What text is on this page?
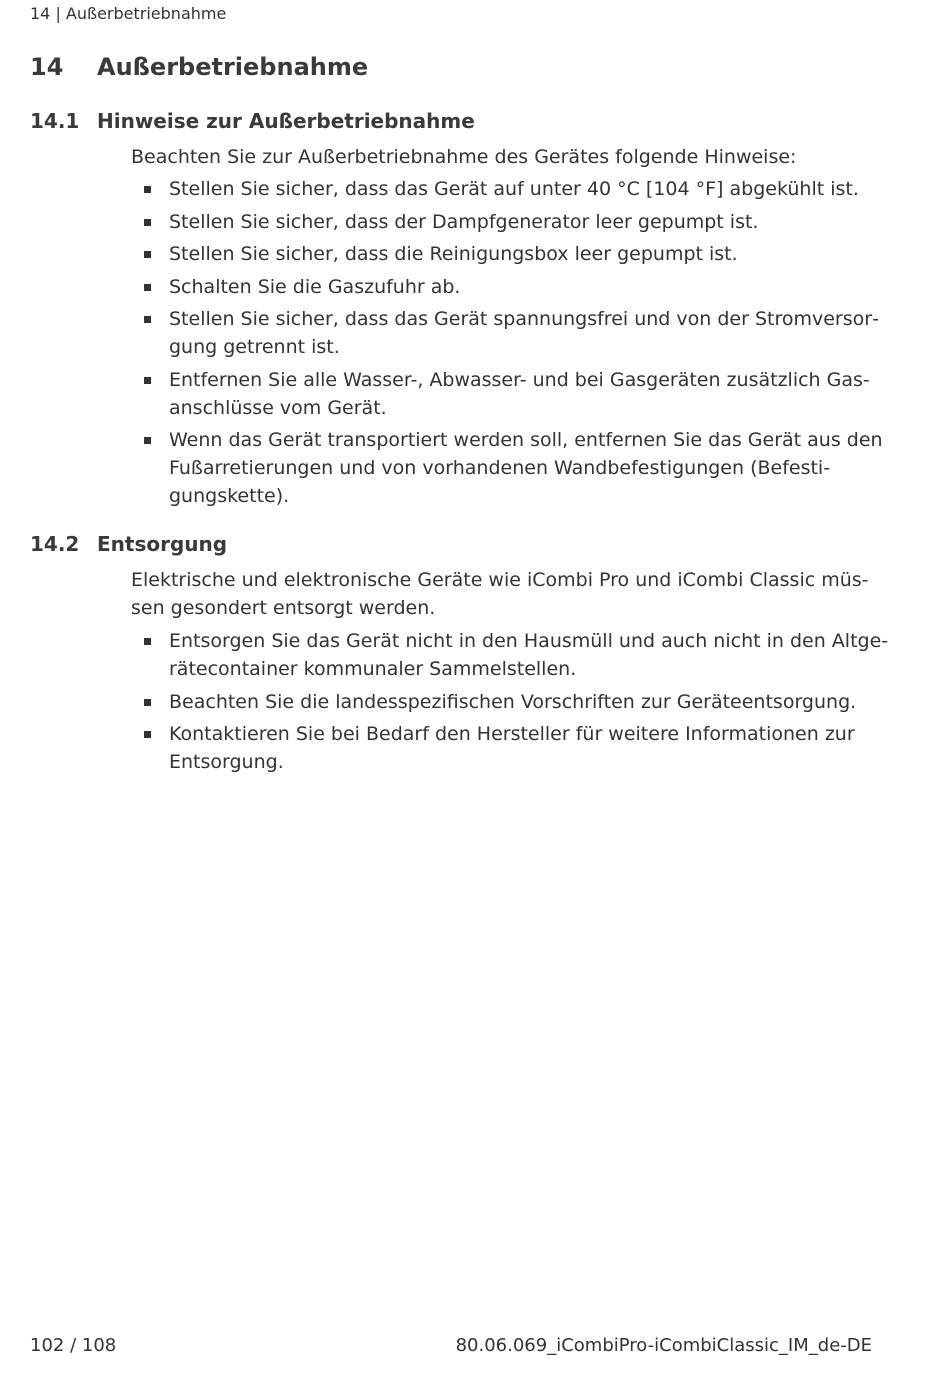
14 | Außerbetriebnahme
14 Außerbetriebnahme
14.1 Hinweise zur Außerbetriebnahme

Beachten Sie zur Außerbetriebnahme des Gerätes folgende Hinweise:

Stellen Sie sicher, dass das Gerät auf unter 40 °C [104 °F] abgekühlt ist.
Stellen Sie sicher, dass der Dampfgenerator leer gepumpt ist.
Stellen Sie sicher, dass die Reinigungsbox leer gepumpt ist.
Schalten Sie die Gaszufuhr ab.
Stellen Sie sicher, dass das Gerät spannungsfrei und von der Stromversorgung getrennt ist.
Entfernen Sie alle Wasser-, Abwasser- und bei Gasgeräten zusätzlich Gasanschlüsse vom Gerät.
Wenn das Gerät transportiert werden soll, entfernen Sie das Gerät aus den Fußarretierungen und von vorhandenen Wandbefestigungen (Befestigungskette).
14.2 Entsorgung

Elektrische und elektronische Geräte wie iCombi Pro und iCombi Classic müssen gesondert entsorgt werden.

Entsorgen Sie das Gerät nicht in den Hausmüll und auch nicht in den Altgerätecontainer kommunaler Sammelstellen.
Beachten Sie die landesspezifischen Vorschriften zur Geräteentsorgung.
Kontaktieren Sie bei Bedarf den Hersteller für weitere Informationen zur Entsorgung.
102 / 108	80.06.069_iCombiPro-iCombiClassic_IM_de-DE
